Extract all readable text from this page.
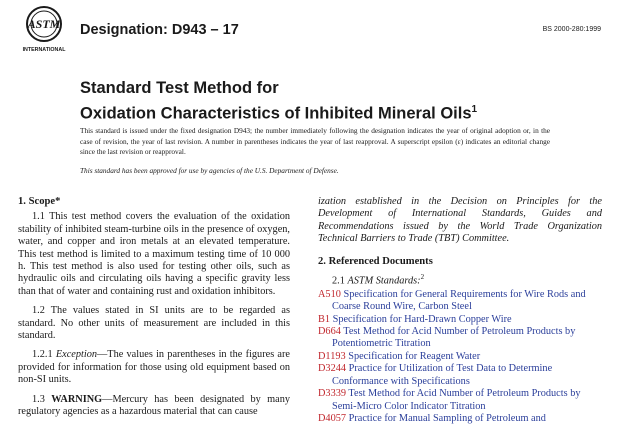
ASTM
INTERNATIONAL
Designation: D943 – 17	BS 2000-280:1999
Standard Test Method for
Oxidation Characteristics of Inhibited Mineral Oils$^1$
This standard is issued under the fixed designation D943; the number immediately following the designation indicates the year of original adoption or, in the case of revision, the year of last revision. A number in parentheses indicates the year of last reapproval. A superscript epsilon (ε) indicates an editorial change since the last revision or reapproval.
This standard has been approved for use by agencies of the U.S. Department of Defense.
1. Scope*
1.1 This test method covers the evaluation of the oxidation stability of inhibited steam-turbine oils in the presence of oxygen, water, and copper and iron metals at an elevated temperature. This test method is limited to a maximum testing time of 10 000 h. This test method is also used for testing other oils, such as hydraulic oils and circulating oils having a specific gravity less than that of water and containing rust and oxidation inhibitors.
1.2 The values stated in SI units are to be regarded as standard. No other units of measurement are included in this standard.
1.2.1 Exception—The values in parentheses in the figures are provided for information for those using old equipment based on non-SI units.
1.3 WARNING—Mercury has been designated by many regulatory agencies as a hazardous material that can cause
ization established in the Decision on Principles for the Development of International Standards, Guides and Recommendations issued by the World Trade Organization Technical Barriers to Trade (TBT) Committee.
2. Referenced Documents
2.1 ASTM Standards:$^2$
A510 Specification for General Requirements for Wire Rods and Coarse Round Wire, Carbon Steel
B1 Specification for Hard-Drawn Copper Wire
D664 Test Method for Acid Number of Petroleum Products by Potentiometric Titration
D1193 Specification for Reagent Water
D3244 Practice for Utilization of Test Data to Determine Conformance with Specifications
D3339 Test Method for Acid Number of Petroleum Products by Semi-Micro Color Indicator Titration
D4057 Practice for Manual Sampling of Petroleum and
